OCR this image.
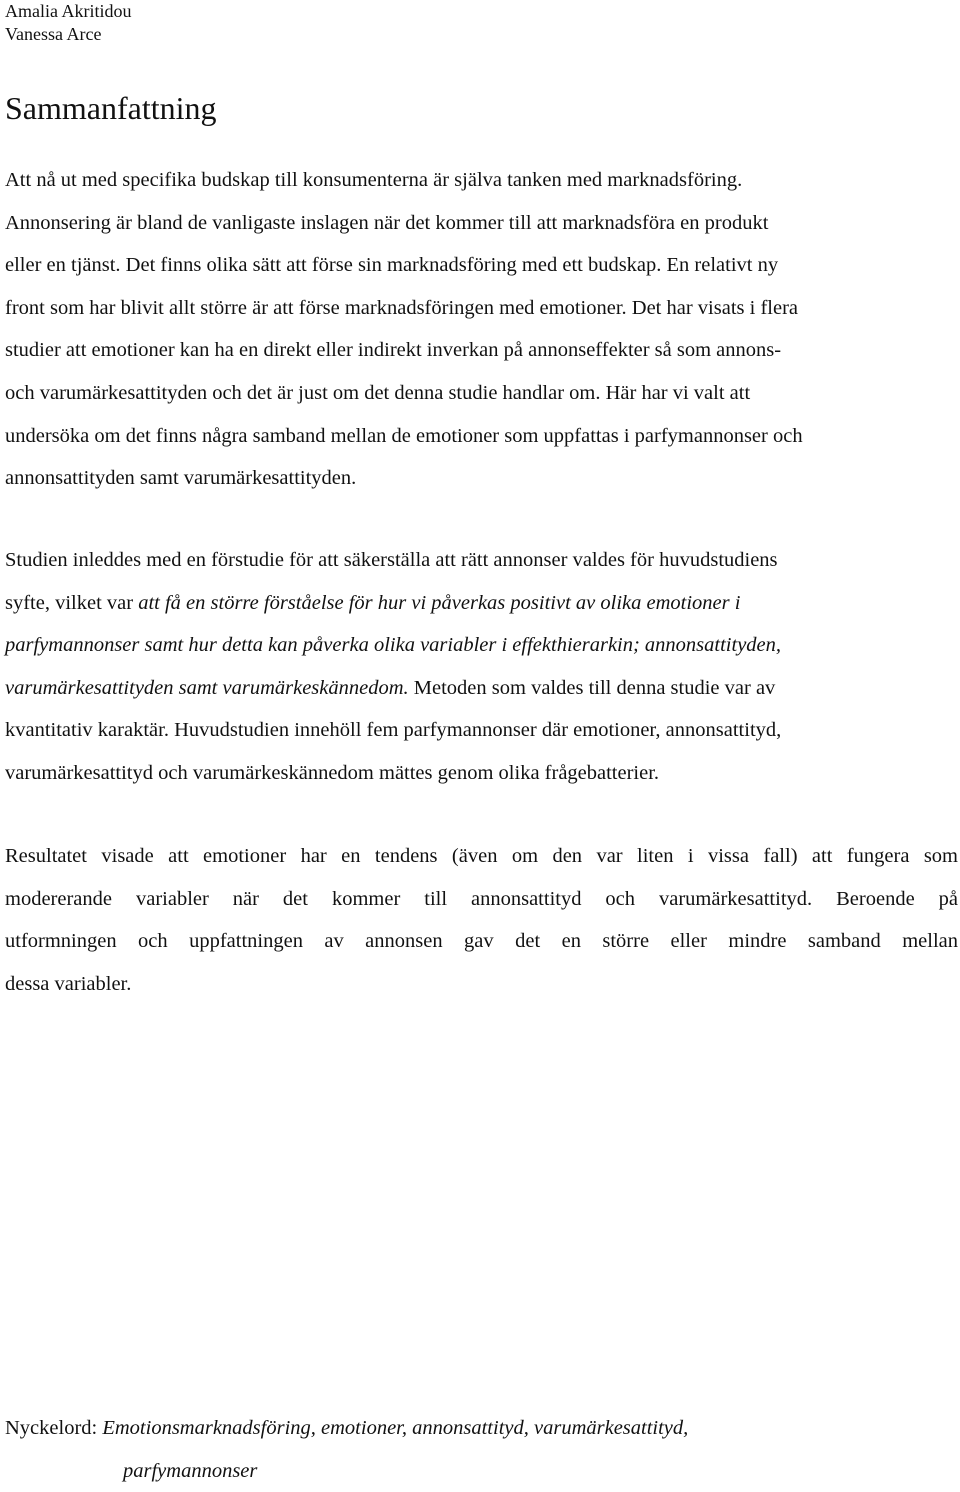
Amalia Akritidou
Vanessa Arce
Sammanfattning
Att nå ut med specifika budskap till konsumenterna är själva tanken med marknadsföring.
Annonsering är bland de vanligaste inslagen när det kommer till att marknadsföra en produkt
eller en tjänst. Det finns olika sätt att förse sin marknadsföring med ett budskap. En relativt ny
front som har blivit allt större är att förse marknadsföringen med emotioner. Det har visats i flera
studier att emotioner kan ha en direkt eller indirekt inverkan på annonseffekter så som annons-
och varumärkesattityden och det är just om det denna studie handlar om. Här har vi valt att
undersöka om det finns några samband mellan de emotioner som uppfattas i parfymannonser och
annonsattityden samt varumärkesattityden.
Studien inleddes med en förstudie för att säkerställa att rätt annonser valdes för huvudstudiens
syfte, vilket var att få en större förståelse för hur vi påverkas positivt av olika emotioner i
parfymannonser samt hur detta kan påverka olika variabler i effekthierarkin; annonsattityden,
varumärkesattityden samt varumärkeskännedom. Metoden som valdes till denna studie var av
kvantitativ karaktär. Huvudstudien innehöll fem parfymannonser där emotioner, annonsattityd,
varumärkesattityd och varumärkeskännedom mättes genom olika frågebatterier.
Resultatet visade att emotioner har en tendens (även om den var liten i vissa fall) att fungera som
modererande variabler när det kommer till annonsattityd och varumärkesattityd. Beroende på
utformningen och uppfattningen av annonsen gav det en större eller mindre samband mellan
dessa variabler.
Nyckelord: Emotionsmarknadsföring, emotioner, annonsattityd, varumärkesattityd,
parfymannonser
